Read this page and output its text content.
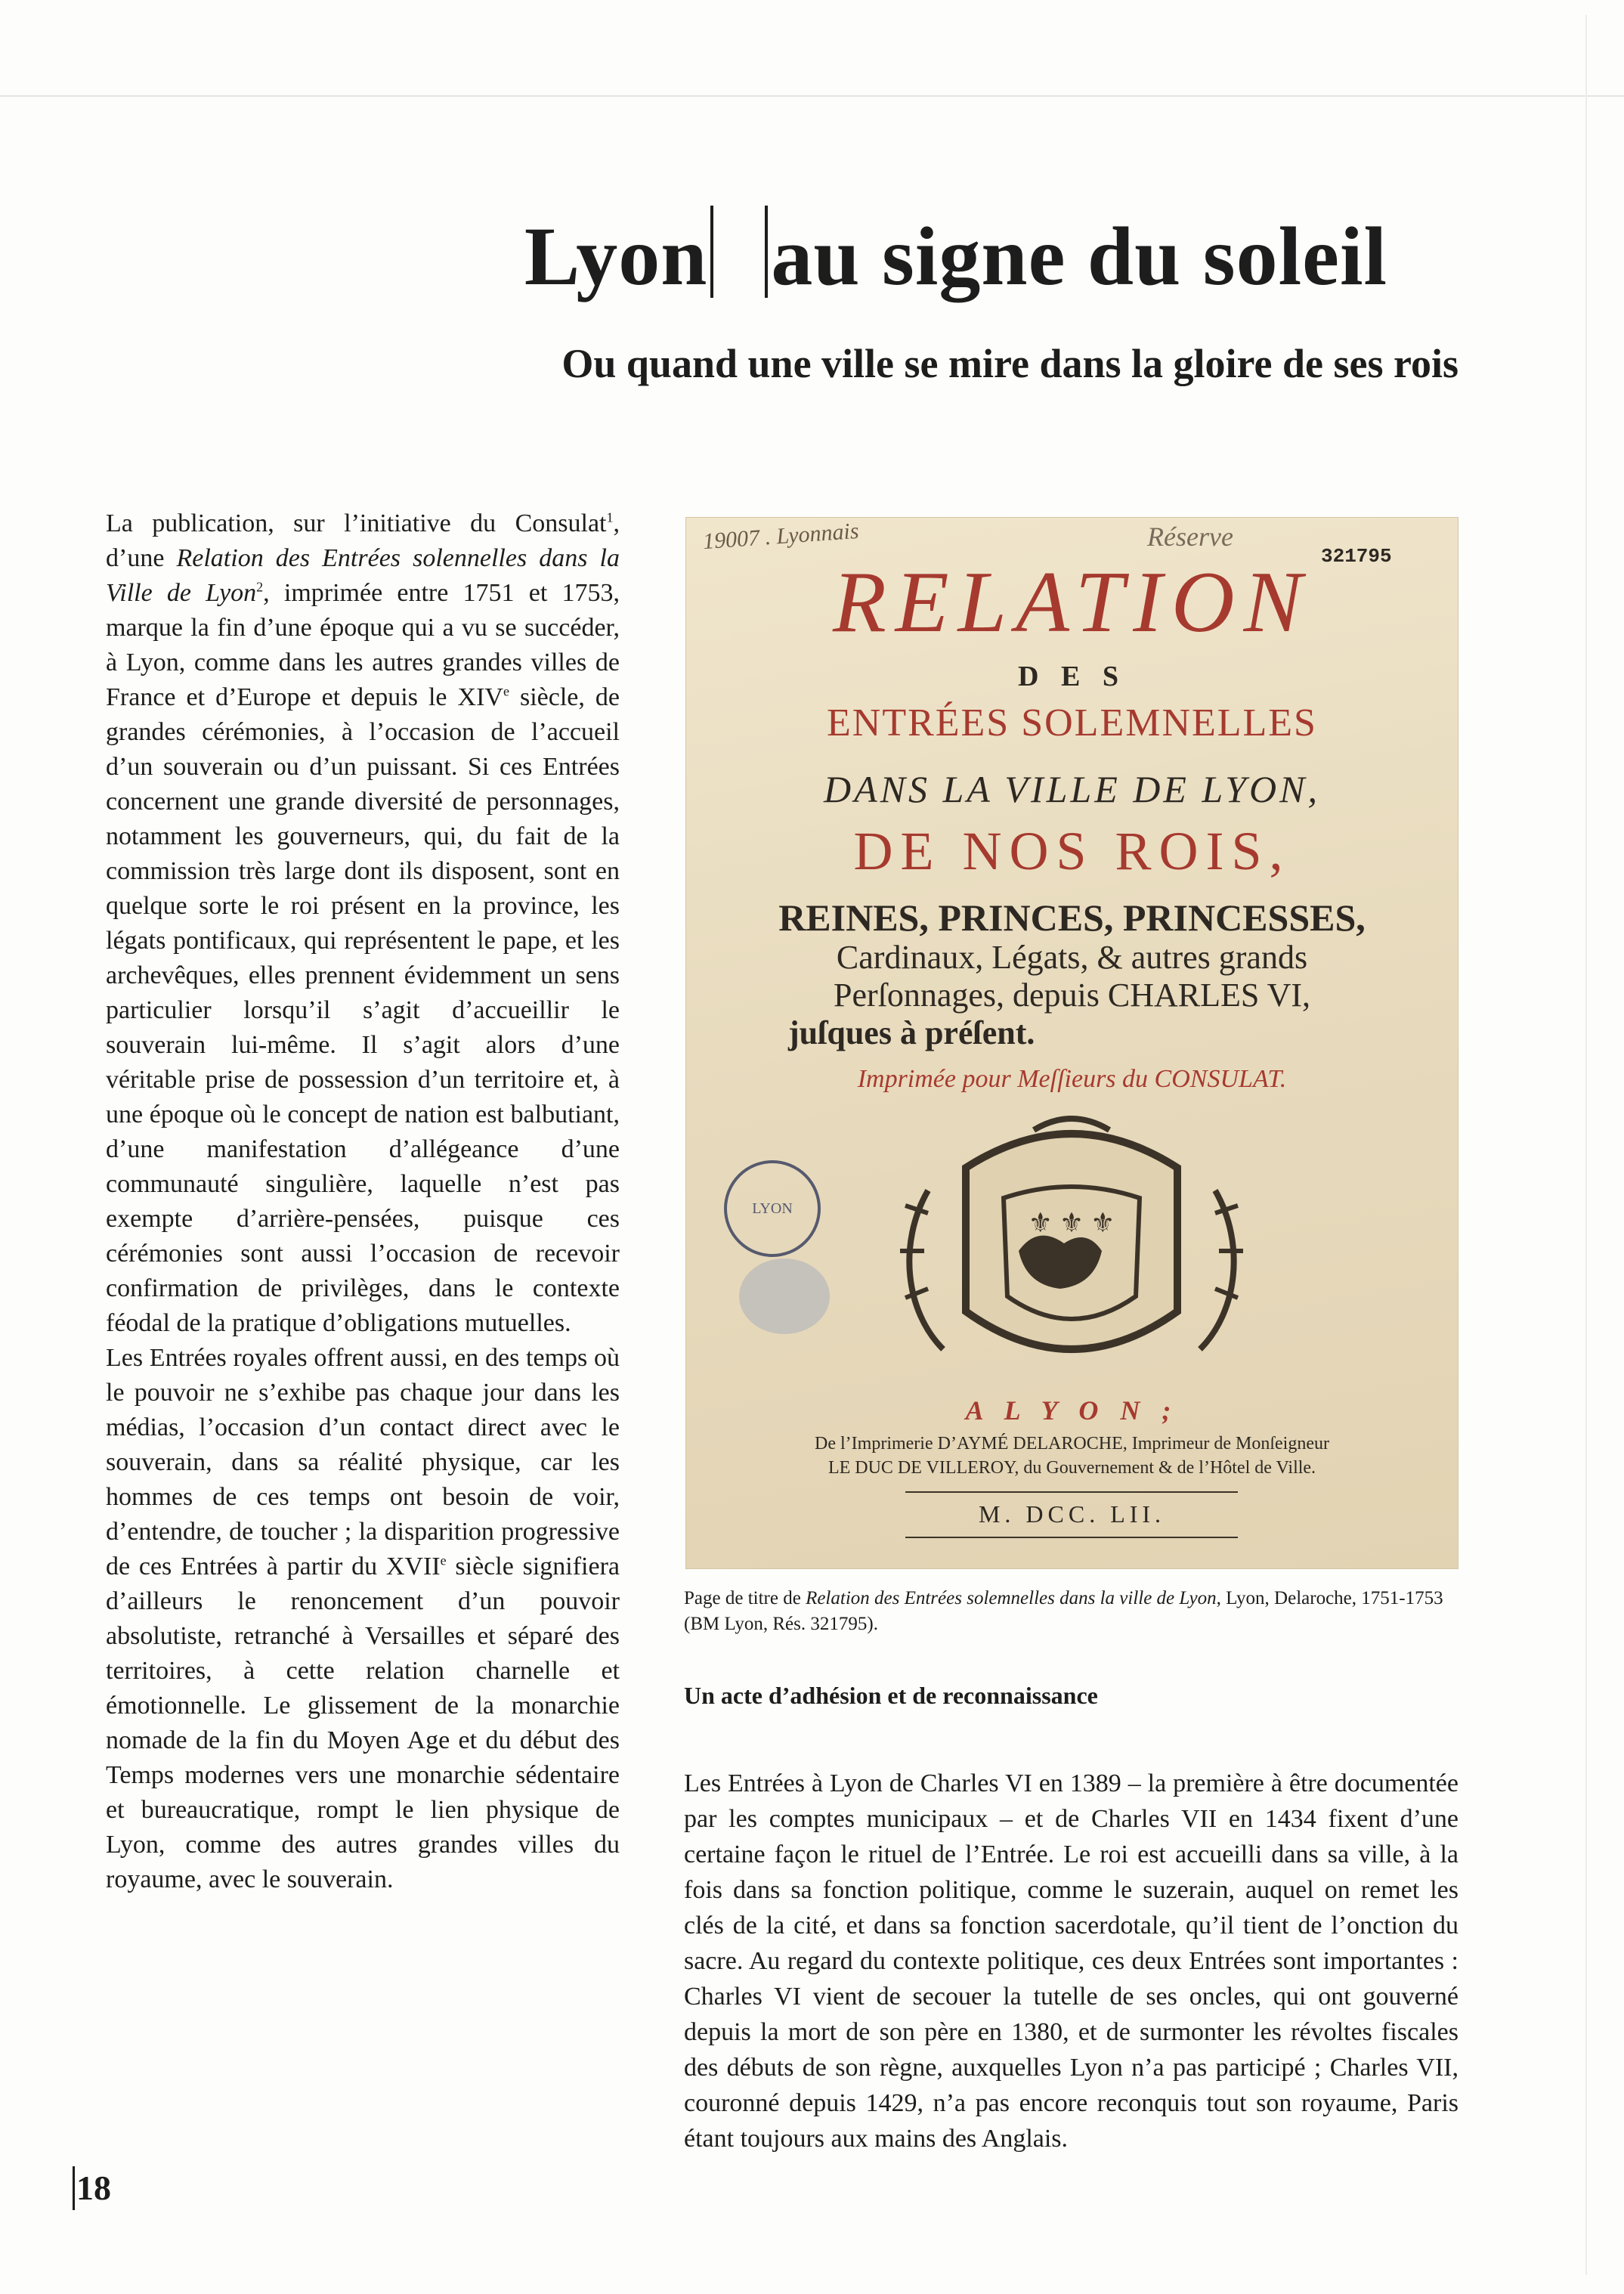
Lyon au signe du soleil
Ou quand une ville se mire dans la gloire de ses rois

La publication, sur l’initiative du Consulat$^1$, d’une Relation des Entrées solennelles dans la Ville de Lyon$^2$, imprimée entre 1751 et 1753, marque la fin d’une époque qui a vu se succéder, à Lyon, comme dans les autres grandes villes de France et d’Europe et depuis le XIVe siècle, de grandes cérémonies, à l’occasion de l’accueil d’un souverain ou d’un puissant. Si ces Entrées concernent une grande diversité de personnages, notamment les gouverneurs, qui, du fait de la commission très large dont ils disposent, sont en quelque sorte le roi présent en la province, les légats pontificaux, qui représentent le pape, et les archevêques, elles prennent évidemment un sens particulier lorsqu’il s’agit d’accueillir le souverain lui-même. Il s’agit alors d’une véritable prise de possession d’un territoire et, à une époque où le concept de nation est balbutiant, d’une manifestation d’allégeance d’une communauté singulière, laquelle n’est pas exempte d’arrière-pensées, puisque ces cérémonies sont aussi l’occasion de recevoir confirmation de privilèges, dans le contexte féodal de la pratique d’obligations mutuelles.

Les Entrées royales offrent aussi, en des temps où le pouvoir ne s’exhibe pas chaque jour dans les médias, l’occasion d’un contact direct avec le souverain, dans sa réalité physique, car les hommes de ces temps ont besoin de voir, d’entendre, de toucher ; la disparition progressive de ces Entrées à partir du XVIIe siècle signifiera d’ailleurs le renoncement d’un pouvoir absolutiste, retranché à Versailles et séparé des territoires, à cette relation charnelle et émotionnelle. Le glissement de la monarchie nomade de la fin du Moyen Age et du début des Temps modernes vers une monarchie sédentaire et bureaucratique, rompt le lien physique de Lyon, comme des autres grandes villes du royaume, avec le souverain.

19007 . Lyonnais	Réserve
321795
RELATION
D E S
ENTRÉES SOLEMNELLES
DANS LA VILLE DE LYON,
DE NOS ROIS,
REINES, PRINCES, PRINCESSES,
Cardinaux, Légats, & autres grands
Perſonnages, depuis CHARLES VI,
juſques à préſent.
Imprimée pour Meſſieurs du CONSULAT.
⚜ ⚜ ⚜
LYON
A L Y O N ;
De l’Imprimerie D’AYMÉ DELAROCHE, Imprimeur de Monſeigneur
LE DUC DE VILLEROY, du Gouvernement & de l’Hôtel de Ville.
M. DCC. LII.
Page de titre de Relation des Entrées solemnelles dans la ville de Lyon, Lyon, Delaroche, 1751-1753 (BM Lyon, Rés. 321795).
Un acte d’adhésion et de reconnaissance

Les Entrées à Lyon de Charles VI en 1389 – la première à être documentée par les comptes municipaux – et de Charles VII en 1434 fixent d’une certaine façon le rituel de l’Entrée. Le roi est accueilli dans sa ville, à la fois dans sa fonction politique, comme le suzerain, auquel on remet les clés de la cité, et dans sa fonction sacerdotale, qu’il tient de l’onction du sacre. Au regard du contexte politique, ces deux Entrées sont importantes : Charles VI vient de secouer la tutelle de ses oncles, qui ont gouverné depuis la mort de son père en 1380, et de surmonter les révoltes fiscales des débuts de son règne, auxquelles Lyon n’a pas participé ; Charles VII, couronné depuis 1429, n’a pas encore reconquis tout son royaume, Paris étant toujours aux mains des Anglais.

18
